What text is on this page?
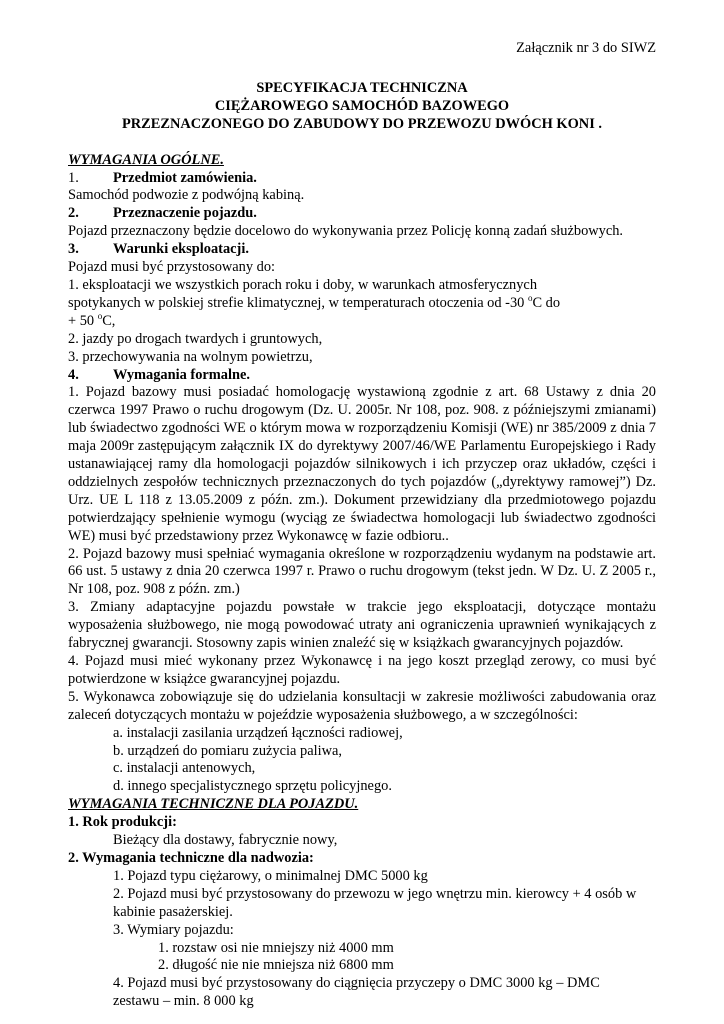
Załącznik nr 3 do SIWZ
SPECYFIKACJA TECHNICZNA
CIĘŻAROWEGO SAMOCHÓD BAZOWEGO
PRZEZNACZONEGO DO ZABUDOWY DO PRZEWOZU DWÓCH KONI .
WYMAGANIA OGÓLNE.
1.	Przedmiot zamówienia.
Samochód podwozie z podwójną kabiną.
2.	Przeznaczenie pojazdu.
Pojazd przeznaczony będzie docelowo do wykonywania przez Policję konną zadań służbowych.
3.	Warunki eksploatacji.
Pojazd musi być przystosowany do:
1. eksploatacji we wszystkich porach roku i doby, w warunkach atmosferycznych
spotykanych w polskiej strefie klimatycznej, w temperaturach otoczenia od -30 $^o$C do
+ 50 $^o$C,
2. jazdy po drogach twardych i gruntowych,
3. przechowywania na wolnym powietrzu,
4.	Wymagania formalne.
1. Pojazd bazowy musi posiadać homologację wystawioną zgodnie z art. 68 Ustawy z dnia 20 czerwca 1997 Prawo o ruchu drogowym (Dz. U. 2005r. Nr 108, poz. 908. z późniejszymi zmianami) lub świadectwo zgodności WE o którym mowa w rozporządzeniu Komisji (WE) nr 385/2009 z dnia 7 maja 2009r zastępującym załącznik IX do dyrektywy 2007/46/WE Parlamentu Europejskiego i Rady ustanawiającej ramy dla homologacji pojazdów silnikowych i ich przyczep oraz układów, części i oddzielnych zespołów technicznych przeznaczonych do tych pojazdów („dyrektywy ramowej”) Dz. Urz. UE L 118 z 13.05.2009 z późn. zm.). Dokument przewidziany dla przedmiotowego pojazdu potwierdzający spełnienie wymogu (wyciąg ze świadectwa homologacji lub świadectwo zgodności WE) musi być przedstawiony przez Wykonawcę w fazie odbioru..
2. Pojazd bazowy musi spełniać wymagania określone w rozporządzeniu wydanym na podstawie art. 66 ust. 5 ustawy z dnia 20 czerwca 1997 r. Prawo o ruchu drogowym (tekst jedn. W Dz. U. Z 2005 r., Nr 108, poz. 908 z późn. zm.)
3. Zmiany adaptacyjne pojazdu powstałe w trakcie jego eksploatacji, dotyczące montażu wyposażenia służbowego, nie mogą powodować utraty ani ograniczenia uprawnień wynikających z fabrycznej gwarancji. Stosowny zapis winien znaleźć się w książkach gwarancyjnych pojazdów.
4. Pojazd musi mieć wykonany przez Wykonawcę i na jego koszt przegląd zerowy, co musi być potwierdzone w książce gwarancyjnej pojazdu.
5. Wykonawca zobowiązuje się do udzielania konsultacji w zakresie możliwości zabudowania oraz zaleceń dotyczących montażu w pojeździe wyposażenia służbowego, a w szczególności:
a. instalacji zasilania urządzeń łączności radiowej,
b. urządzeń do pomiaru zużycia paliwa,
c. instalacji antenowych,
d. innego specjalistycznego sprzętu policyjnego.
WYMAGANIA TECHNICZNE DLA POJAZDU.
1. Rok produkcji:
Bieżący dla dostawy, fabrycznie nowy,
2. Wymagania techniczne dla nadwozia:
1. Pojazd typu ciężarowy, o minimalnej DMC 5000 kg
2. Pojazd musi być przystosowany do przewozu w jego wnętrzu min. kierowcy + 4 osób w
kabinie pasażerskiej.
3. Wymiary pojazdu:
1. rozstaw osi nie mniejszy niż 4000 mm
2. długość nie nie mniejsza niż 6800 mm
4. Pojazd musi być przystosowany do ciągnięcia przyczepy o DMC 3000 kg – DMC
zestawu – min. 8 000 kg
